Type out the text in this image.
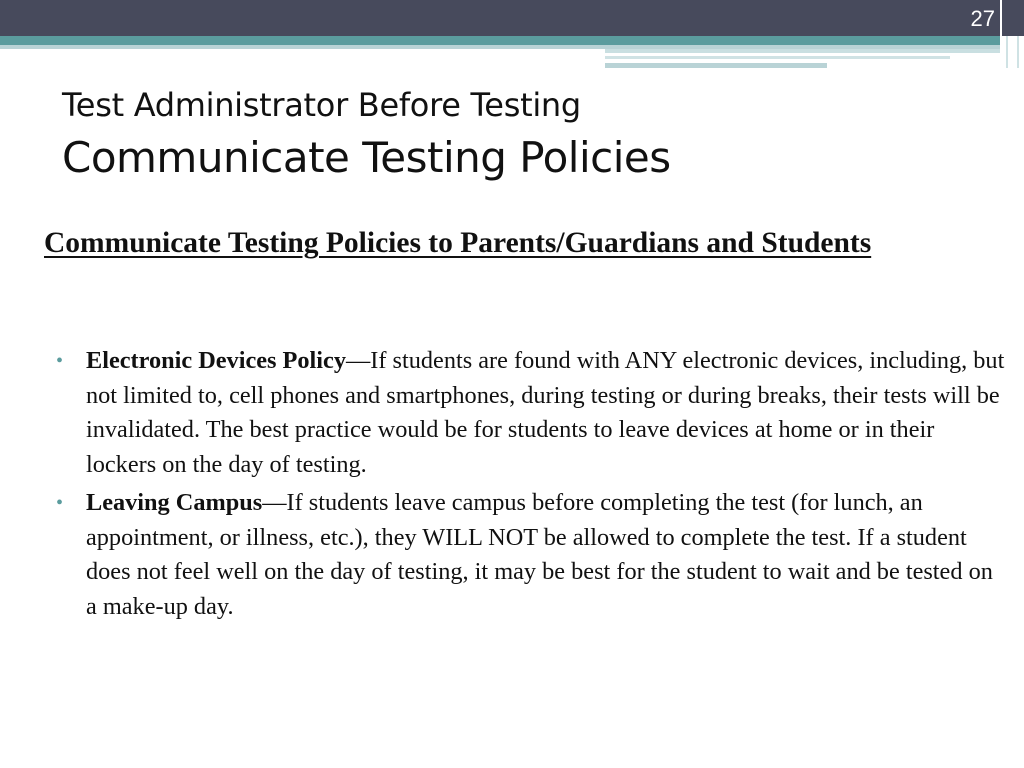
27
Test Administrator Before Testing
Communicate Testing Policies
Communicate Testing Policies to Parents/Guardians and Students
• Electronic Devices Policy—If students are found with ANY electronic devices, including, but not limited to, cell phones and smartphones, during testing or during breaks, their tests will be invalidated. The best practice would be for students to leave devices at home or in their lockers on the day of testing.
• Leaving Campus—If students leave campus before completing the test (for lunch, an appointment, or illness, etc.), they WILL NOT be allowed to complete the test. If a student does not feel well on the day of testing, it may be best for the student to wait and be tested on a make-up day.
